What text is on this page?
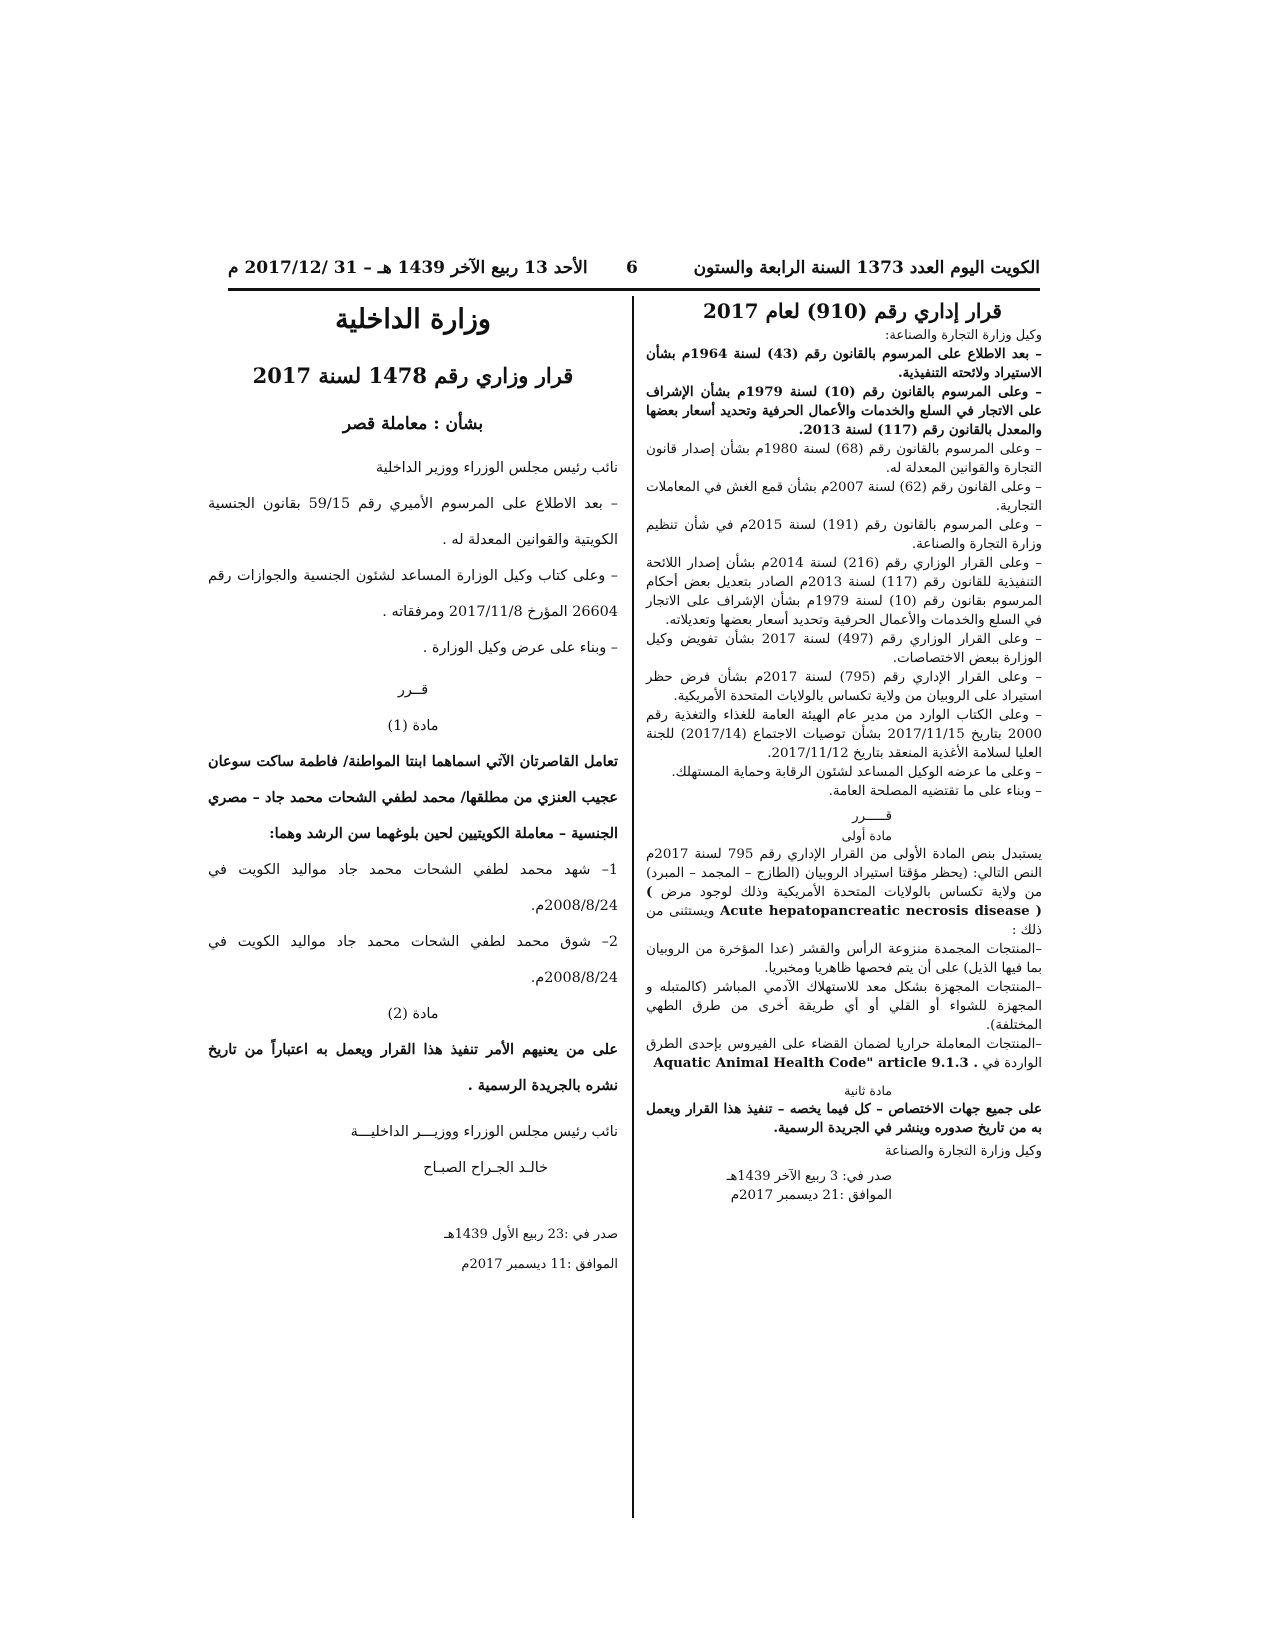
الكويت اليوم العدد 1373 السنة الرابعة والستون
6
الأحد 13 ربيع الآخر 1439 هـ – 31 /2017/12 م

قرار إداري رقم (910) لعام 2017

وكيل وزارة التجارة والصناعة:

– بعد الاطلاع على المرسوم بالقانون رقم (43) لسنة 1964م بشأن الاستيراد ولائحته التنفيذية.

– وعلى المرسوم بالقانون رقم (10) لسنة 1979م بشأن الإشراف على الاتجار في السلع والخدمات والأعمال الحرفية وتحديد أسعار بعضها والمعدل بالقانون رقم (117) لسنة 2013.

– وعلى المرسوم بالقانون رقم (68) لسنة 1980م بشأن إصدار قانون التجارة والقوانين المعدلة له.

– وعلى القانون رقم (62) لسنة 2007م بشأن قمع الغش في المعاملات التجارية.

– وعلى المرسوم بالقانون رقم (191) لسنة 2015م في شأن تنظيم وزارة التجارة والصناعة.

– وعلى القرار الوزاري رقم (216) لسنة 2014م بشأن إصدار اللائحة التنفيذية للقانون رقم (117) لسنة 2013م الصادر بتعديل بعض أحكام المرسوم بقانون رقم (10) لسنة 1979م بشأن الإشراف على الاتجار في السلع والخدمات والأعمال الحرفية وتحديد أسعار بعضها وتعديلاته.

– وعلى القرار الوزاري رقم (497) لسنة 2017 بشأن تفويض وكيل الوزارة ببعض الاختصاصات.

– وعلى القرار الإداري رقم (795) لسنة 2017م بشأن فرض حظر استيراد على الروبيان من ولاية تكساس بالولايات المتحدة الأمريكية.

– وعلى الكتاب الوارد من مدير عام الهيئة العامة للغذاء والتغذية رقم 2000 بتاريخ 2017/11/15 بشأن توصيات الاجتماع (2017/14) للجنة العليا لسلامة الأغذية المنعقد بتاريخ 2017/11/12.

– وعلى ما عرضه الوكيل المساعد لشئون الرقابة وحماية المستهلك.

– وبناء على ما تقتضيه المصلحة العامة.

قـــــرر

مادة أولى

يستبدل بنص المادة الأولى من القرار الإداري رقم 795 لسنة 2017م النص التالي: (يحظر مؤقتا استيراد الروبيان (الطازج – المجمد – المبرد) من ولاية تكساس بالولايات المتحدة الأمريكية وذلك لوجود مرض ( Acute hepatopancreatic necrosis disease ) ويستثنى من ذلك :

–المنتجات المجمدة منزوعة الرأس والقشر (عدا المؤخرة من الروبيان بما فيها الذيل) على أن يتم فحصها ظاهريا ومخبريا.

–المنتجات المجهزة بشكل معد للاستهلاك الآدمي المباشر (كالمتبله و المجهزة للشواء أو القلي أو أي طريقة أخرى من طرق الطهي المختلفة).

–المنتجات المعاملة حراريا لضمان القضاء على الفيروس بإحدى الطرق الواردة في Aquatic Animal Health Code" article 9.1.3 .

مادة ثانية

على جميع جهات الاختصاص – كل فيما يخصه – تنفيذ هذا القرار ويعمل به من تاريخ صدوره وينشر في الجريدة الرسمية.

وكيل وزارة التجارة والصناعة

صدر في: 3 ربيع الآخر 1439هـ

الموافق :21 ديسمبر 2017م

وزارة الداخلية

قرار وزاري رقم 1478 لسنة 2017

بشأن : معاملة قصر

نائب رئيس مجلس الوزراء ووزير الداخلية

– بعد الاطلاع على المرسوم الأميري رقم 59/15 بقانون الجنسية الكويتية والقوانين المعدلة له .

– وعلى كتاب وكيل الوزارة المساعد لشئون الجنسية والجوازات رقم 26604 المؤرخ 2017/11/8 ومرفقاته .

– وبناء على عرض وكيل الوزارة .

قــرر

مادة (1)

تعامل القاصرتان الآتي اسماهما ابنتا المواطنة/ فاطمة ساكت سوعان عجيب العنزي من مطلقها/ محمد لطفي الشحات محمد جاد – مصري الجنسية – معاملة الكويتيين لحين بلوغهما سن الرشد وهما:

1– شهد محمد لطفي الشحات محمد جاد مواليد الكويت في 2008/8/24م.

2– شوق محمد لطفي الشحات محمد جاد مواليد الكويت في 2008/8/24م.

مادة (2)

على من يعنيهم الأمر تنفيذ هذا القرار ويعمل به اعتباراً من تاريخ نشره بالجريدة الرسمية .

نائب رئيس مجلس الوزراء ووزيـــر الداخليـــة

خالـد الجـراح الصبـاح

صدر في :23 ربيع الأول 1439هـ

الموافق :11 ديسمبر 2017م
